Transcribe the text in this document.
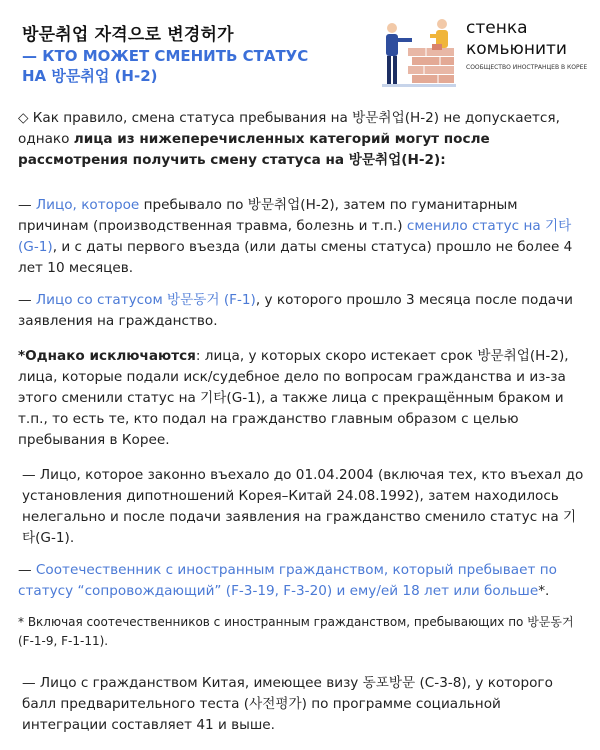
방문취업 자격으로 변경허가
— КТО МОЖЕТ СМЕНИТЬ СТАТУС
НА 방문취업 (H-2)
стенка
комьюнити
СООБЩЕСТВО ИНОСТРАНЦЕВ В КОРЕЕ

◇ Как правило, смена статуса пребывания на 방문취업(H-2) не допускается, однако лица из нижеперечисленных категорий могут после рассмотрения получить смену статуса на 방문취업(H-2):

— Лицо, которое пребывало по 방문취업(H-2), затем по гуманитарным причинам (производственная травма, болезнь и т.п.) сменило статус на 기타 (G-1), и с даты первого въезда (или даты смены статуса) прошло не более 4 лет 10 месяцев.

— Лицо со статусом 방문동거 (F-1), у которого прошло 3 месяца после подачи заявления на гражданство.

*Однако исключаются: лица, у которых скоро истекает срок 방문취업(H-2), лица, которые подали иск/судебное дело по вопросам гражданства и из-за этого сменили статус на 기타(G-1), а также лица с прекращённым браком и т.п., то есть те, кто подал на гражданство главным образом с целью пребывания в Корее.

— Лицо, которое законно въехало до 01.04.2004 (включая тех, кто въехал до установления дипотношений Корея–Китай 24.08.1992), затем находилось нелегально и после подачи заявления на гражданство сменило статус на 기타(G-1).

— Соотечественник с иностранным гражданством, который пребывает по статусу “сопровождающий” (F-3-19, F-3-20) и ему/ей 18 лет или больше*.

* Включая соотечественников с иностранным гражданством, пребывающих по 방문동거 (F-1-9, F-1-11).

— Лицо с гражданством Китая, имеющее визу 동포방문 (C-3-8), у которого балл предварительного теста (사전평가) по программе социальной интеграции составляет 41 и выше.
